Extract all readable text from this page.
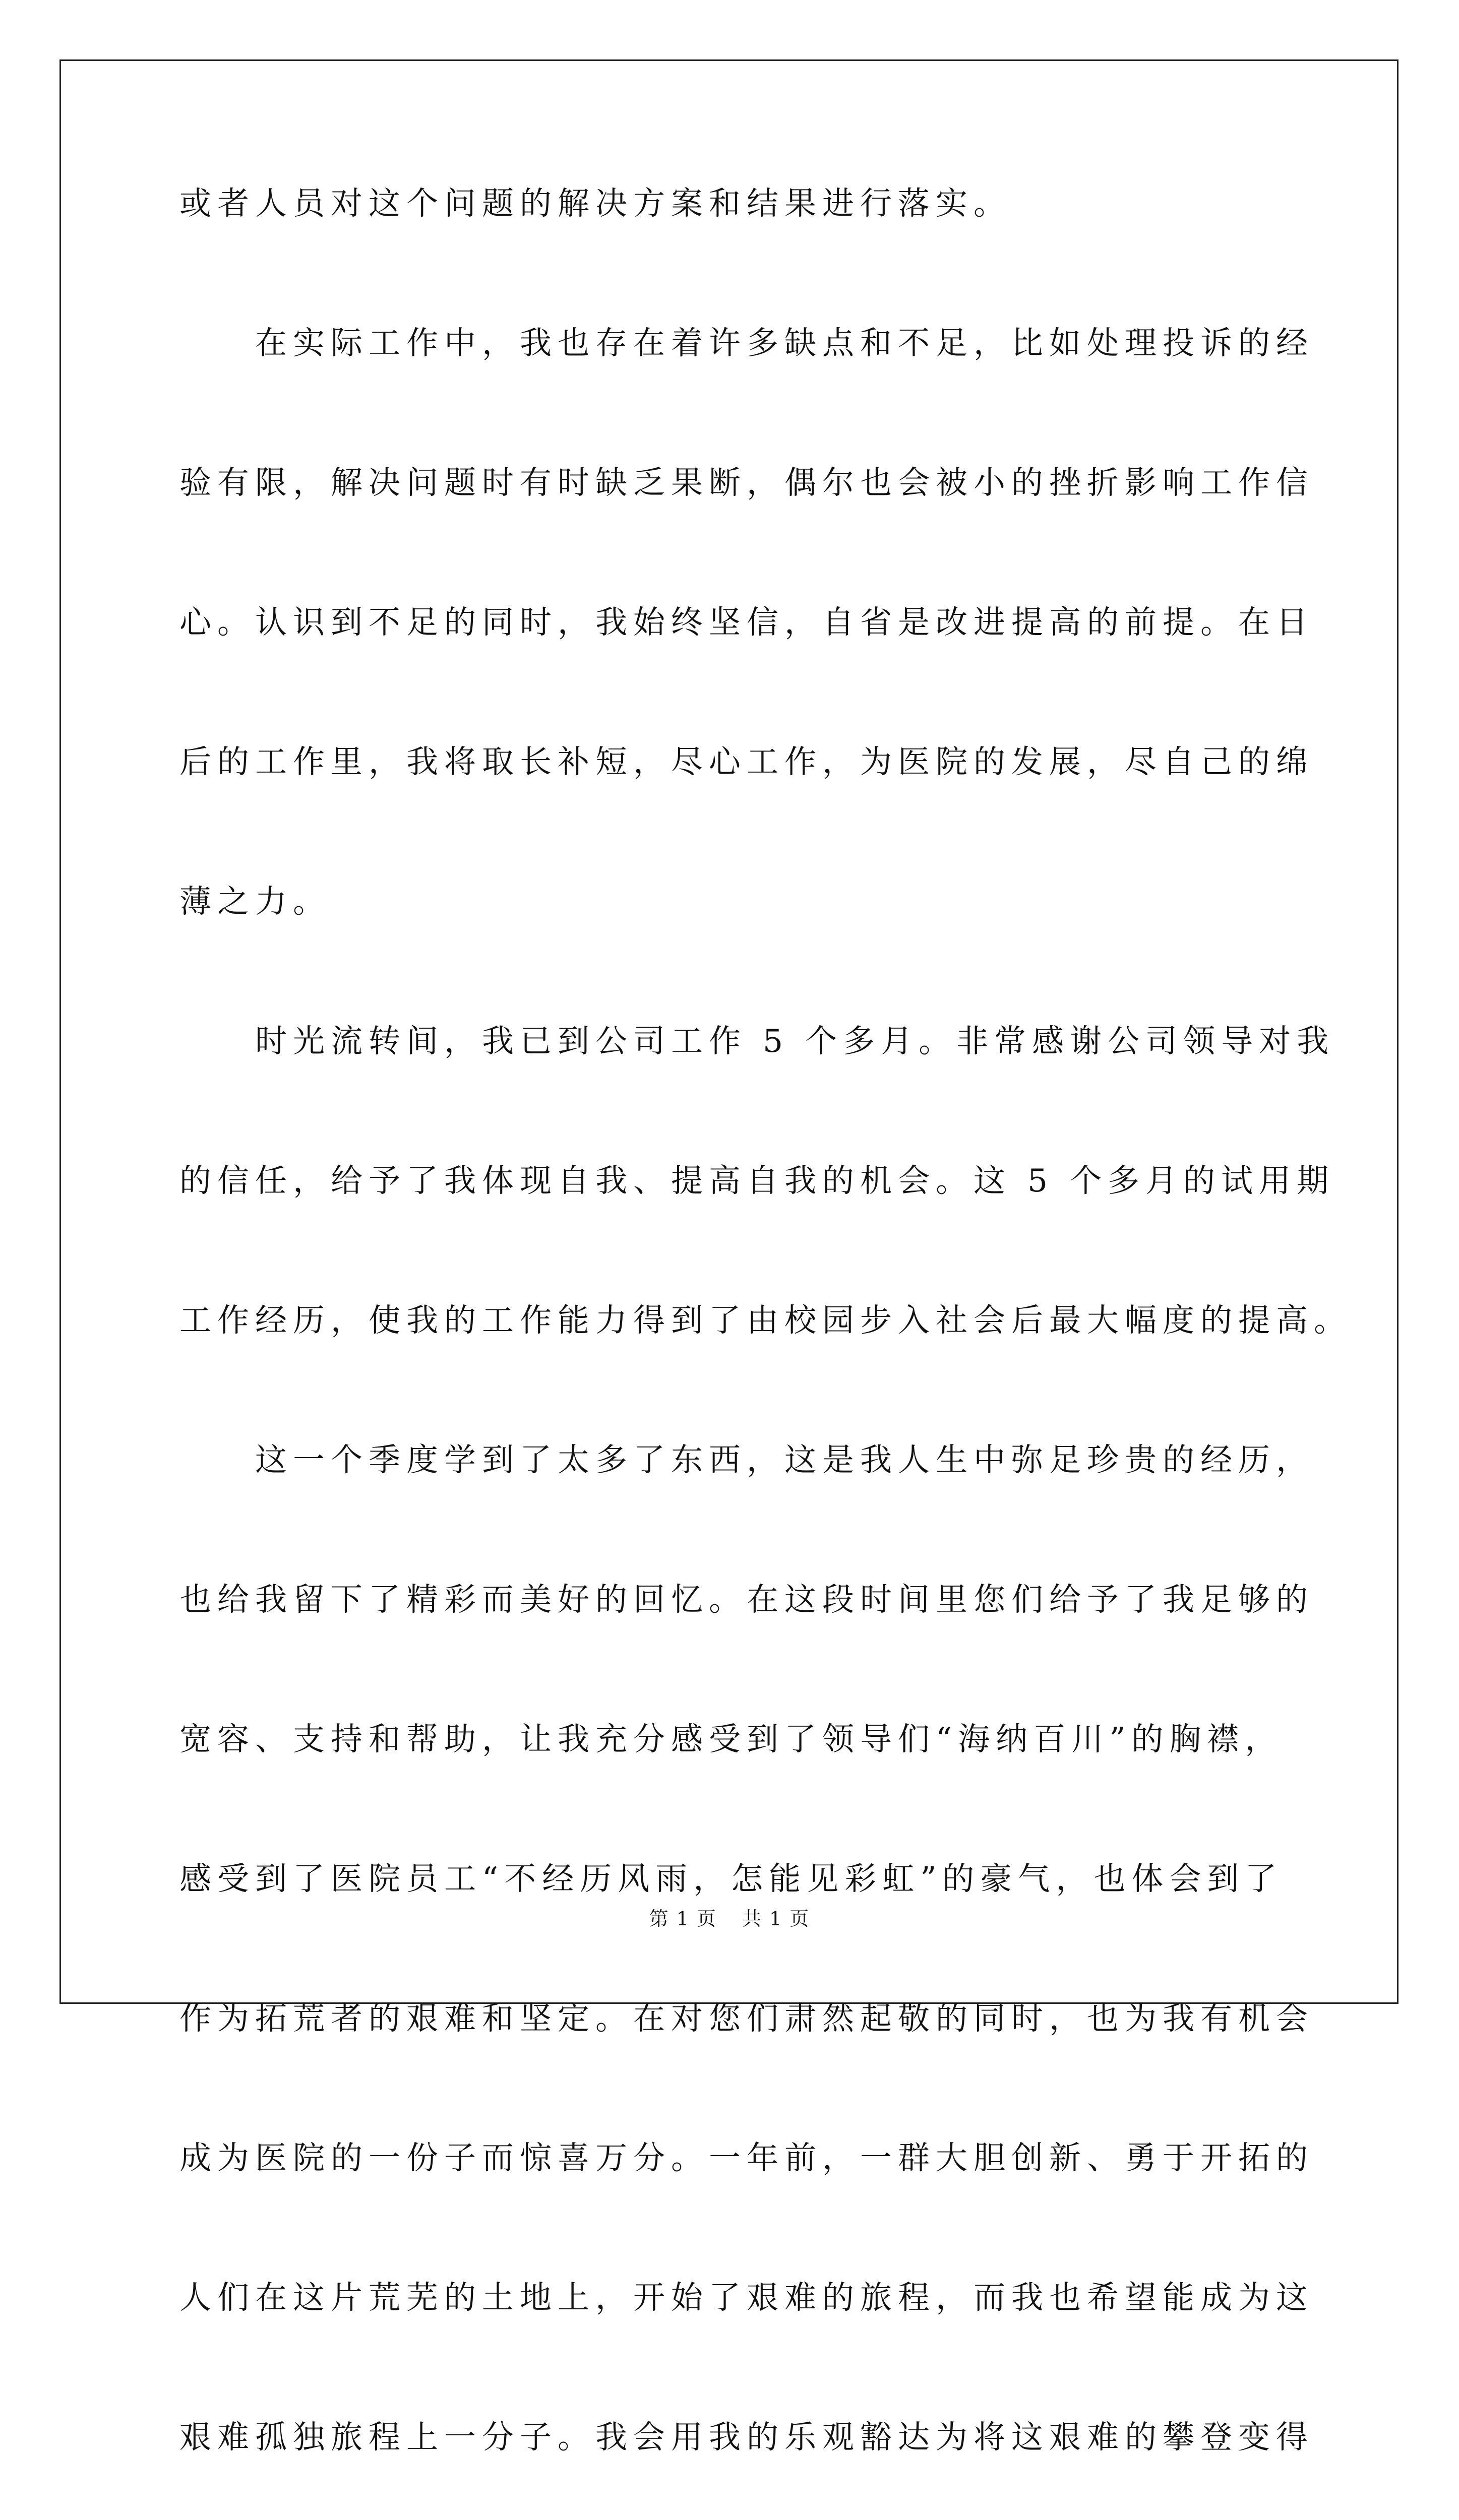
或者人员对这个问题的解决方案和结果进行落实。
　　在实际工作中，我也存在着许多缺点和不足，比如处理投诉的经
验有限，解决问题时有时缺乏果断，偶尔也会被小的挫折影响工作信
心。认识到不足的同时，我始终坚信，自省是改进提高的前提。在日
后的工作里，我将取长补短，尽心工作，为医院的发展，尽自己的绵
薄之力。
　　时光流转间，我已到公司工作 5 个多月。非常感谢公司领导对我
的信任，给予了我体现自我、提高自我的机会。这 5 个多月的试用期
工作经历，使我的工作能力得到了由校园步入社会后最大幅度的提高。
　　这一个季度学到了太多了东西，这是我人生中弥足珍贵的经历，
也给我留下了精彩而美好的回忆。在这段时间里您们给予了我足够的
宽容、支持和帮助，让我充分感受到了领导们“海纳百川”的胸襟，
感受到了医院员工“不经历风雨，怎能见彩虹”的豪气，也体会到了
作为拓荒者的艰难和坚定。在对您们肃然起敬的同时，也为我有机会
成为医院的一份子而惊喜万分。一年前，一群大胆创新、勇于开拓的
人们在这片荒芜的土地上，开始了艰难的旅程，而我也希望能成为这
艰难孤独旅程上一分子。我会用我的乐观豁达为将这艰难的攀登变得
第 1 页 共 1 页
